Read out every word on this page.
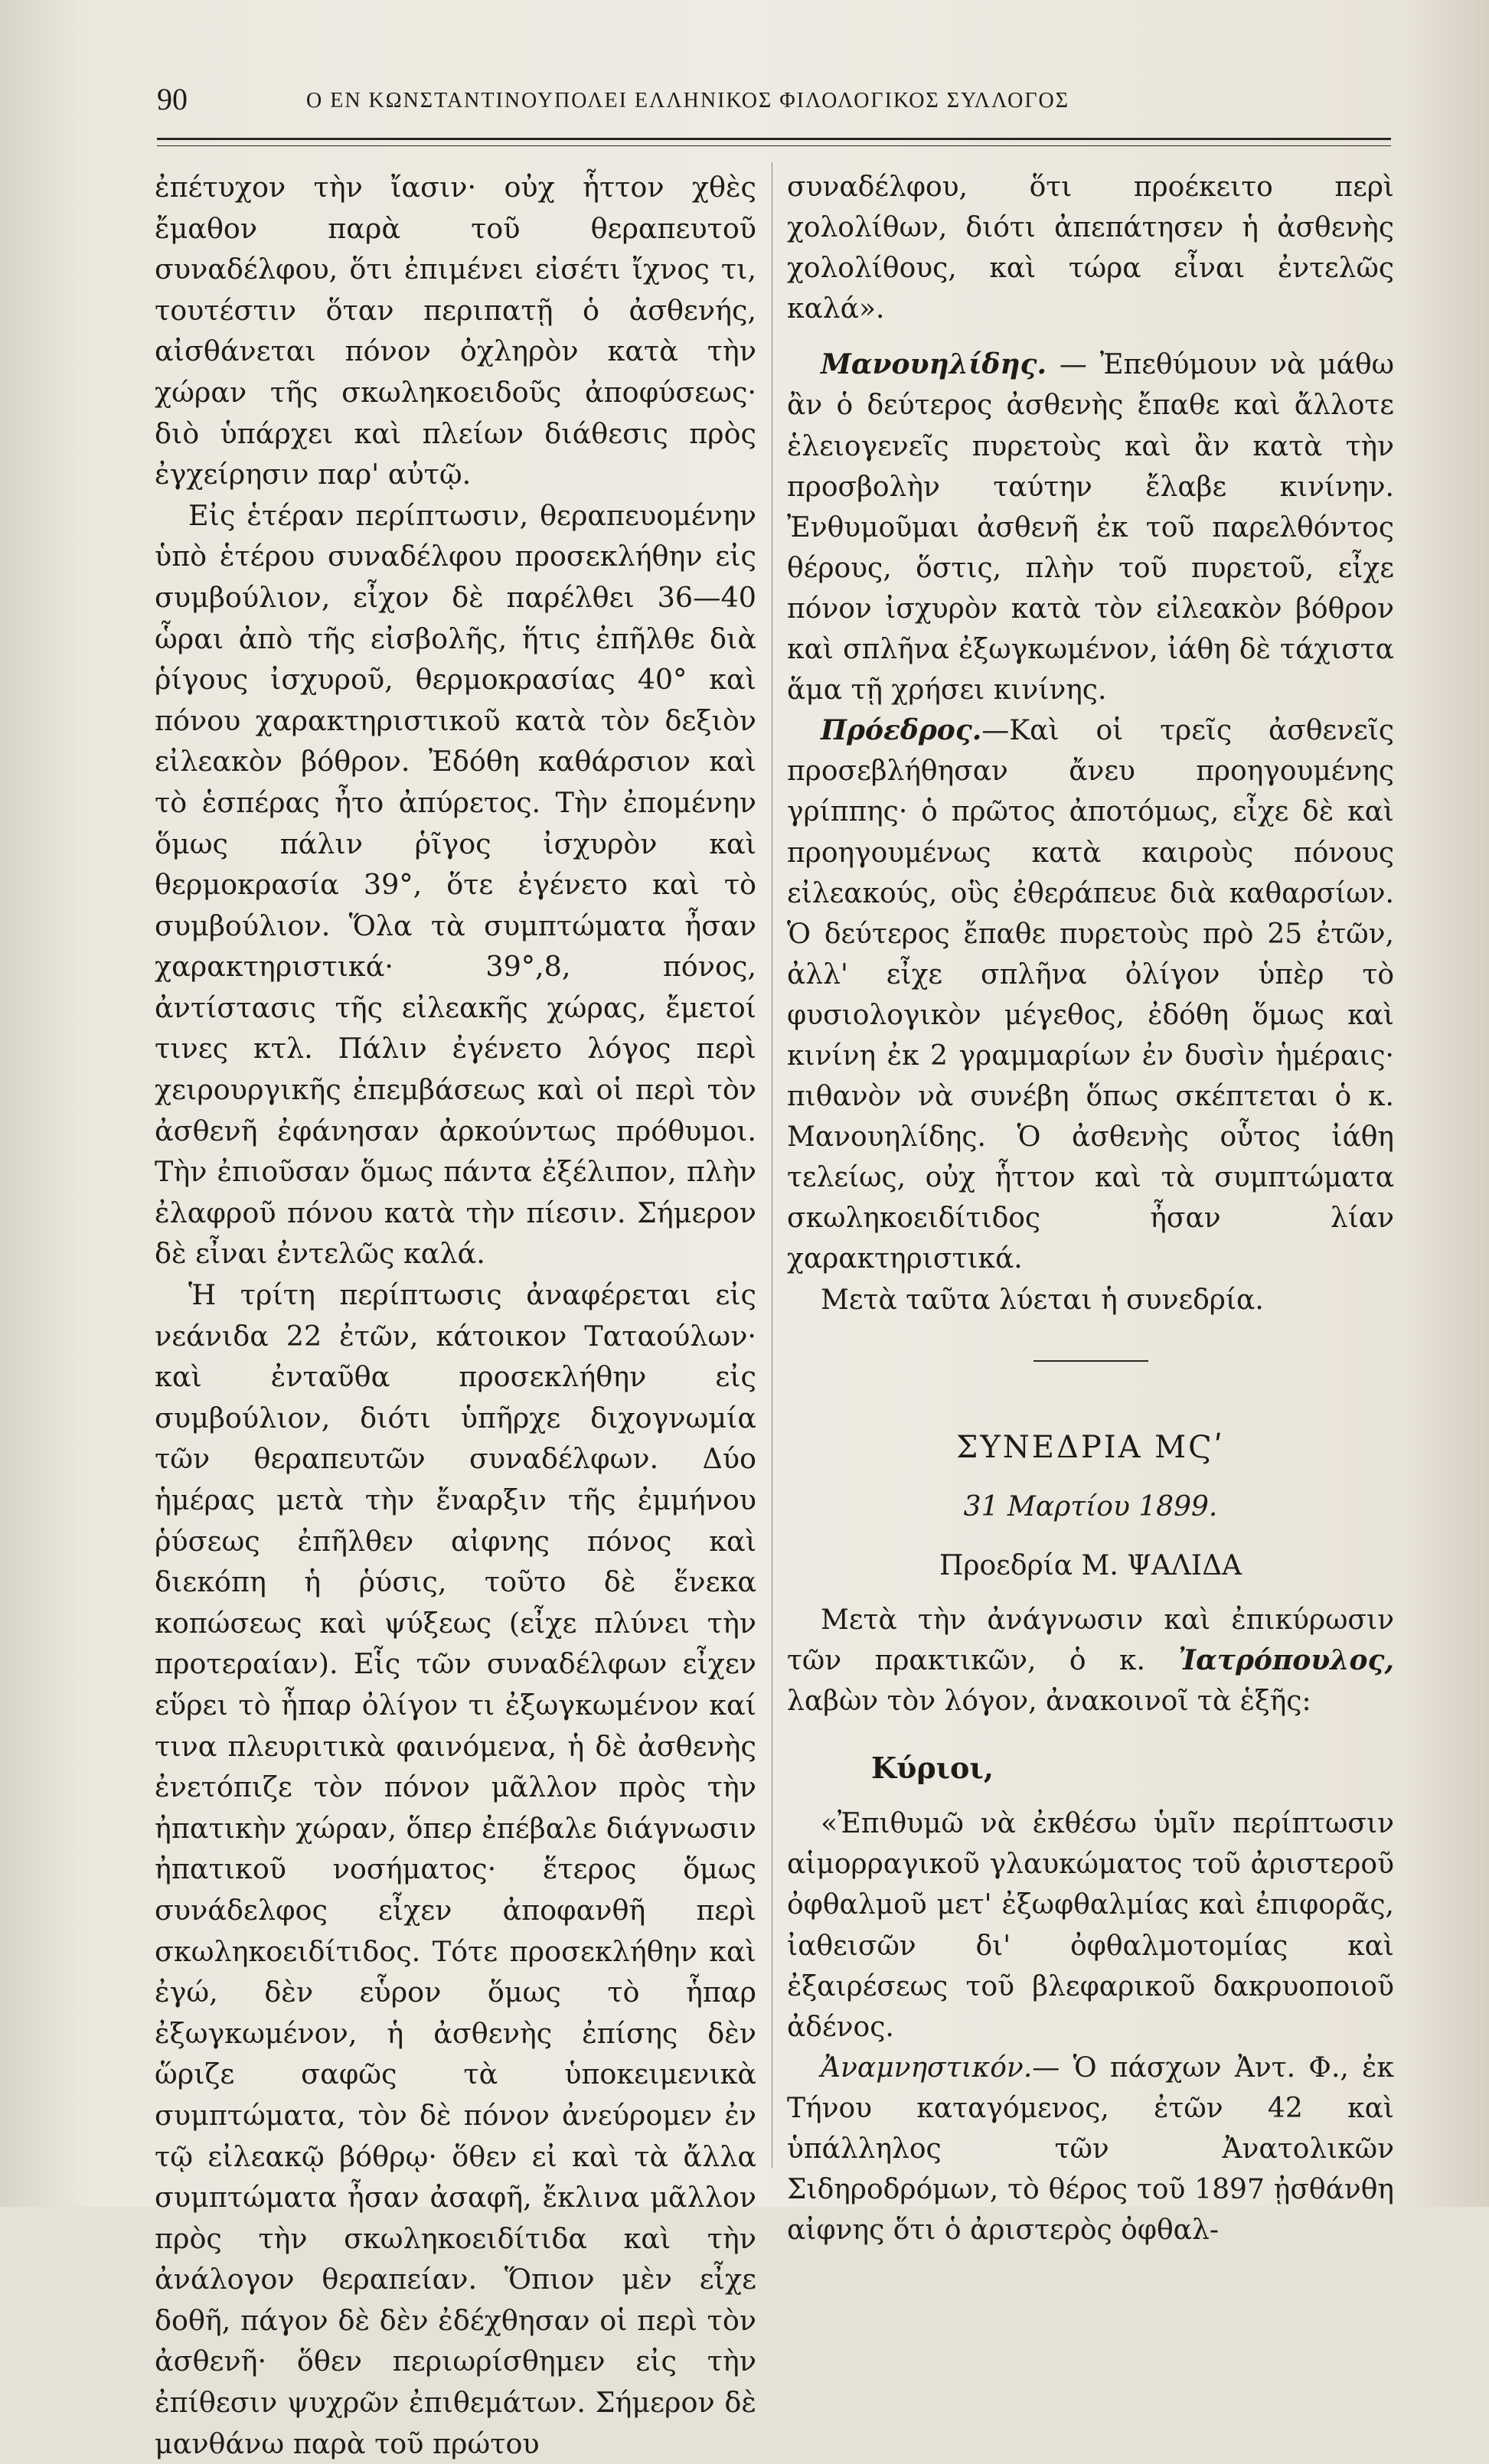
90	Ο ΕΝ ΚΩΝΣΤΑΝΤΙΝΟΥΠΟΛΕΙ ΕΛΛΗΝΙΚΟΣ ΦΙΛΟΛΟΓΙΚΟΣ ΣΥΛΛΟΓΟΣ

ἐπέτυχον τὴν ἴασιν· οὐχ ἧττον χθὲς ἔμαθον παρὰ τοῦ θεραπευτοῦ συναδέλφου, ὅτι ἐπιμένει εἰσέτι ἴχνος τι, τουτέστιν ὅταν περιπατῇ ὁ ἀσθενής, αἰσθάνεται πόνον ὀχληρὸν κατὰ τὴν χώραν τῆς σκωληκοειδοῦς ἀποφύσεως· διὸ ὑπάρχει καὶ πλείων διάθεσις πρὸς ἐγχείρησιν παρ' αὐτῷ.

Εἰς ἑτέραν περίπτωσιν, θεραπευομένην ὑπὸ ἑτέρου συναδέλφου προσεκλήθην εἰς συμβούλιον, εἶχον δὲ παρέλθει 36—40 ὧραι ἀπὸ τῆς εἰσβολῆς, ἥτις ἐπῆλθε διὰ ῥίγους ἰσχυροῦ, θερμοκρασίας 40° καὶ πόνου χαρακτηριστικοῦ κατὰ τὸν δεξιὸν εἰλεακὸν βόθρον. Ἐδόθη καθάρσιον καὶ τὸ ἑσπέρας ἦτο ἀπύρετος. Τὴν ἐπομένην ὅμως πάλιν ῥῖγος ἰσχυρὸν καὶ θερμοκρασία 39°, ὅτε ἐγένετο καὶ τὸ συμβούλιον. Ὅλα τὰ συμπτώματα ἦσαν χαρακτηριστικά· 39°,8, πόνος, ἀντίστασις τῆς εἰλεακῆς χώρας, ἔμετοί τινες κτλ. Πάλιν ἐγένετο λόγος περὶ χειρουργικῆς ἐπεμβάσεως καὶ οἱ περὶ τὸν ἀσθενῆ ἐφάνησαν ἀρκούντως πρόθυμοι. Τὴν ἐπιοῦσαν ὅμως πάντα ἐξέλιπον, πλὴν ἐλαφροῦ πόνου κατὰ τὴν πίεσιν. Σήμερον δὲ εἶναι ἐντελῶς καλά.

Ἡ τρίτη περίπτωσις ἀναφέρεται εἰς νεάνιδα 22 ἐτῶν, κάτοικον Ταταούλων· καὶ ἐνταῦθα προσεκλήθην εἰς συμβούλιον, διότι ὑπῆρχε διχογνωμία τῶν θεραπευτῶν συναδέλφων. Δύο ἡμέρας μετὰ τὴν ἔναρξιν τῆς ἐμμήνου ῥύσεως ἐπῆλθεν αἰφνης πόνος καὶ διεκόπη ἡ ῥύσις, τοῦτο δὲ ἕνεκα κοπώσεως καὶ ψύξεως (εἶχε πλύνει τὴν προτεραίαν). Εἷς τῶν συναδέλφων εἶχεν εὕρει τὸ ἧπαρ ὀλίγον τι ἐξωγκωμένον καί τινα πλευριτικὰ φαινόμενα, ἡ δὲ ἀσθενὴς ἐνετόπιζε τὸν πόνον μᾶλλον πρὸς τὴν ἠπατικὴν χώραν, ὅπερ ἐπέβαλε διάγνωσιν ἠπατικοῦ νοσήματος· ἕτερος ὅμως συνάδελφος εἶχεν ἀποφανθῆ περὶ σκωληκοειδίτιδος. Τότε προσεκλήθην καὶ ἐγώ, δὲν εὗρον ὅμως τὸ ἧπαρ ἐξωγκωμένον, ἡ ἀσθενὴς ἐπίσης δὲν ὥριζε σαφῶς τὰ ὑποκειμενικὰ συμπτώματα, τὸν δὲ πόνον ἀνεύρομεν ἐν τῷ εἰλεακῷ βόθρῳ· ὅθεν εἰ καὶ τὰ ἄλλα συμπτώματα ἦσαν ἀσαφῆ, ἔκλινα μᾶλλον πρὸς τὴν σκωληκοειδίτιδα καὶ τὴν ἀνάλογον θεραπείαν. Ὅπιον μὲν εἶχε δοθῆ, πάγον δὲ δὲν ἐδέχθησαν οἱ περὶ τὸν ἀσθενῆ· ὅθεν περιωρίσθημεν εἰς τὴν ἐπίθεσιν ψυχρῶν ἐπιθεμάτων. Σήμερον δὲ μανθάνω παρὰ τοῦ πρώτου

συναδέλφου, ὅτι προέκειτο περὶ χολολίθων, διότι ἀπεπάτησεν ἡ ἀσθενὴς χολολίθους, καὶ τώρα εἶναι ἐντελῶς καλά».

Μανουηλίδης. — Ἐπεθύμουν νὰ μάθω ἂν ὁ δεύτερος ἀσθενὴς ἔπαθε καὶ ἄλλοτε ἑλειογενεῖς πυρετοὺς καὶ ἂν κατὰ τὴν προσβολὴν ταύτην ἔλαβε κινίνην. Ἐνθυμοῦμαι ἀσθενῆ ἐκ τοῦ παρελθόντος θέρους, ὅστις, πλὴν τοῦ πυρετοῦ, εἶχε πόνον ἰσχυρὸν κατὰ τὸν εἰλεακὸν βόθρον καὶ σπλῆνα ἐξωγκωμένον, ἰάθη δὲ τάχιστα ἅμα τῇ χρήσει κινίνης.

Πρόεδρος.—Καὶ οἱ τρεῖς ἀσθενεῖς προσεβλήθησαν ἄνευ προηγουμένης γρίππης· ὁ πρῶτος ἀποτόμως, εἶχε δὲ καὶ προηγουμένως κατὰ καιροὺς πόνους εἰλεακούς, οὓς ἐθεράπευε διὰ καθαρσίων. Ὁ δεύτερος ἔπαθε πυρετοὺς πρὸ 25 ἐτῶν, ἀλλ' εἶχε σπλῆνα ὀλίγον ὑπὲρ τὸ φυσιολογικὸν μέγεθος, ἐδόθη ὅμως καὶ κινίνη ἐκ 2 γραμμαρίων ἐν δυσὶν ἡμέραις· πιθανὸν νὰ συνέβη ὅπως σκέπτεται ὁ κ. Μανουηλίδης. Ὁ ἀσθενὴς οὗτος ἰάθη τελείως, οὐχ ἧττον καὶ τὰ συμπτώματα σκωληκοειδίτιδος ἦσαν λίαν χαρακτηριστικά.

Μετὰ ταῦτα λύεται ἡ συνεδρία.

ΣΥΝΕΔΡΙΑ ΜϚʹ

31 Μαρτίου 1899.

Προεδρία Μ. ΨΑΛΙΔΑ

Μετὰ τὴν ἀνάγνωσιν καὶ ἐπικύρωσιν τῶν πρακτικῶν, ὁ κ. Ἰατρόπουλος, λαβὼν τὸν λόγον, ἀνακοινοῖ τὰ ἑξῆς:

Κύριοι,

«Ἐπιθυμῶ νὰ ἐκθέσω ὑμῖν περίπτωσιν αἱμορραγικοῦ γλαυκώματος τοῦ ἀριστεροῦ ὀφθαλμοῦ μετ' ἐξωφθαλμίας καὶ ἐπιφορᾶς, ἰαθεισῶν δι' ὀφθαλμοτομίας καὶ ἐξαιρέσεως τοῦ βλεφαρικοῦ δακρυοποιοῦ ἀδένος.

Ἀναμνηστικόν.— Ὁ πάσχων Ἀντ. Φ., ἐκ Τήνου καταγόμενος, ἐτῶν 42 καὶ ὑπάλληλος τῶν Ἀνατολικῶν Σιδηροδρόμων, τὸ θέρος τοῦ 1897 ᾐσθάνθη αἰφνης ὅτι ὁ ἀριστερὸς ὀφθαλ-
